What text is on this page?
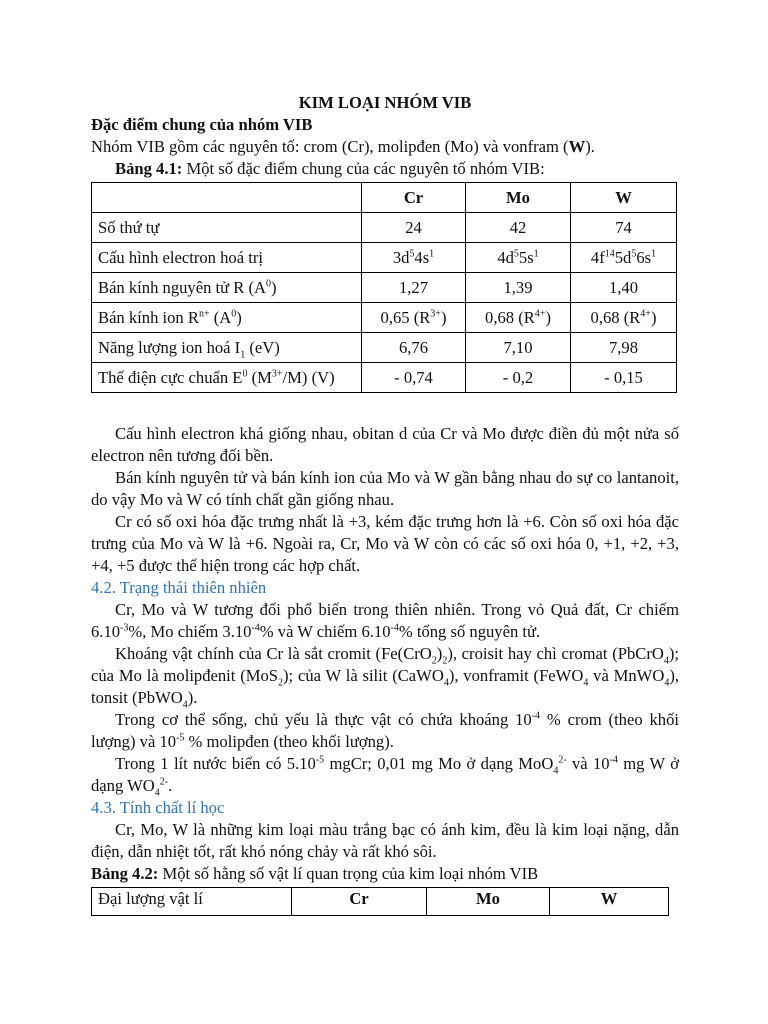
KIM LOẠI NHÓM VIB

Đặc điểm chung của nhóm VIB

Nhóm VIB gồm các nguyên tố: crom (Cr), molipđen (Mo) và vonfram (W).

Bảng 4.1: Một số đặc điểm chung của các nguyên tố nhóm VIB:

	Cr	Mo	W
Số thứ tự	24	42	74
Cấu hình electron hoá trị	$3d^54s^1$	$4d^55s^1$	$4f^{14}5d^56s^1$
Bán kính nguyên tử R $(A^0)$	1,27	1,39	1,40
Bán kính ion $R^{n+}$ $(A^0)$	0,65 $(R^{3+})$	0,68 $(R^{4+})$	0,68 $(R^{4+})$
Năng lượng ion hoá $I_1$ (eV)	6,76	7,10	7,98
Thế điện cực chuẩn $E^0$ $(M^{3+}/M)$ (V)	- 0,74	- 0,2	- 0,15

Cấu hình electron khá giống nhau, obitan d của Cr và Mo được điền đủ một nửa số electron nên tương đối bền.

Bán kính nguyên tử và bán kính ion của Mo và W gần bằng nhau do sự co lantanoit, do vậy Mo và W có tính chất gần giống nhau.

Cr có số oxi hóa đặc trưng nhất là +3, kém đặc trưng hơn là +6. Còn số oxi hóa đặc trưng của Mo và W là +6. Ngoài ra, Cr, Mo và W còn có các số oxi hóa 0, +1, +2, +3, +4, +5 được thể hiện trong các hợp chất.

4.2. Trạng thái thiên nhiên

Cr, Mo và W tương đối phổ biến trong thiên nhiên. Trong vỏ Quả đất, Cr chiếm $6.10^{-3}\%$, Mo chiếm $3.10^{-4}\%$ và W chiếm $6.10^{-4}\%$ tổng số nguyên tử.

Khoáng vật chính của Cr là sắt cromit $(Fe(CrO_2)_2)$, croisit hay chì cromat (PbCrO$_4$); của Mo là molipđenit (MoS$_2$); của W là silit (CaWO$_4$), vonframit (FeWO$_4$ và MnWO$_4$), tonsit (PbWO$_4$).

Trong cơ thể sống, chủ yếu là thực vật có chứa khoáng $10^{-4}$ % crom (theo khối lượng) và $10^{-5}$ % molipđen (theo khối lượng).

Trong 1 lít nước biển có $5.10^{-5}$ mgCr; 0,01 mg Mo ở dạng MoO$_4^{2-}$ và $10^{-4}$ mg W ở dạng $WO_4^{2-}$.

4.3. Tính chất lí học

Cr, Mo, W là những kim loại màu trắng bạc có ánh kim, đều là kim loại nặng, dẫn điện, dẫn nhiệt tốt, rất khó nóng chảy và rất khó sôi.

Bảng 4.2: Một số hằng số vật lí quan trọng của kim loại nhóm VIB

Đại lượng vật lí	Cr	Mo	W
